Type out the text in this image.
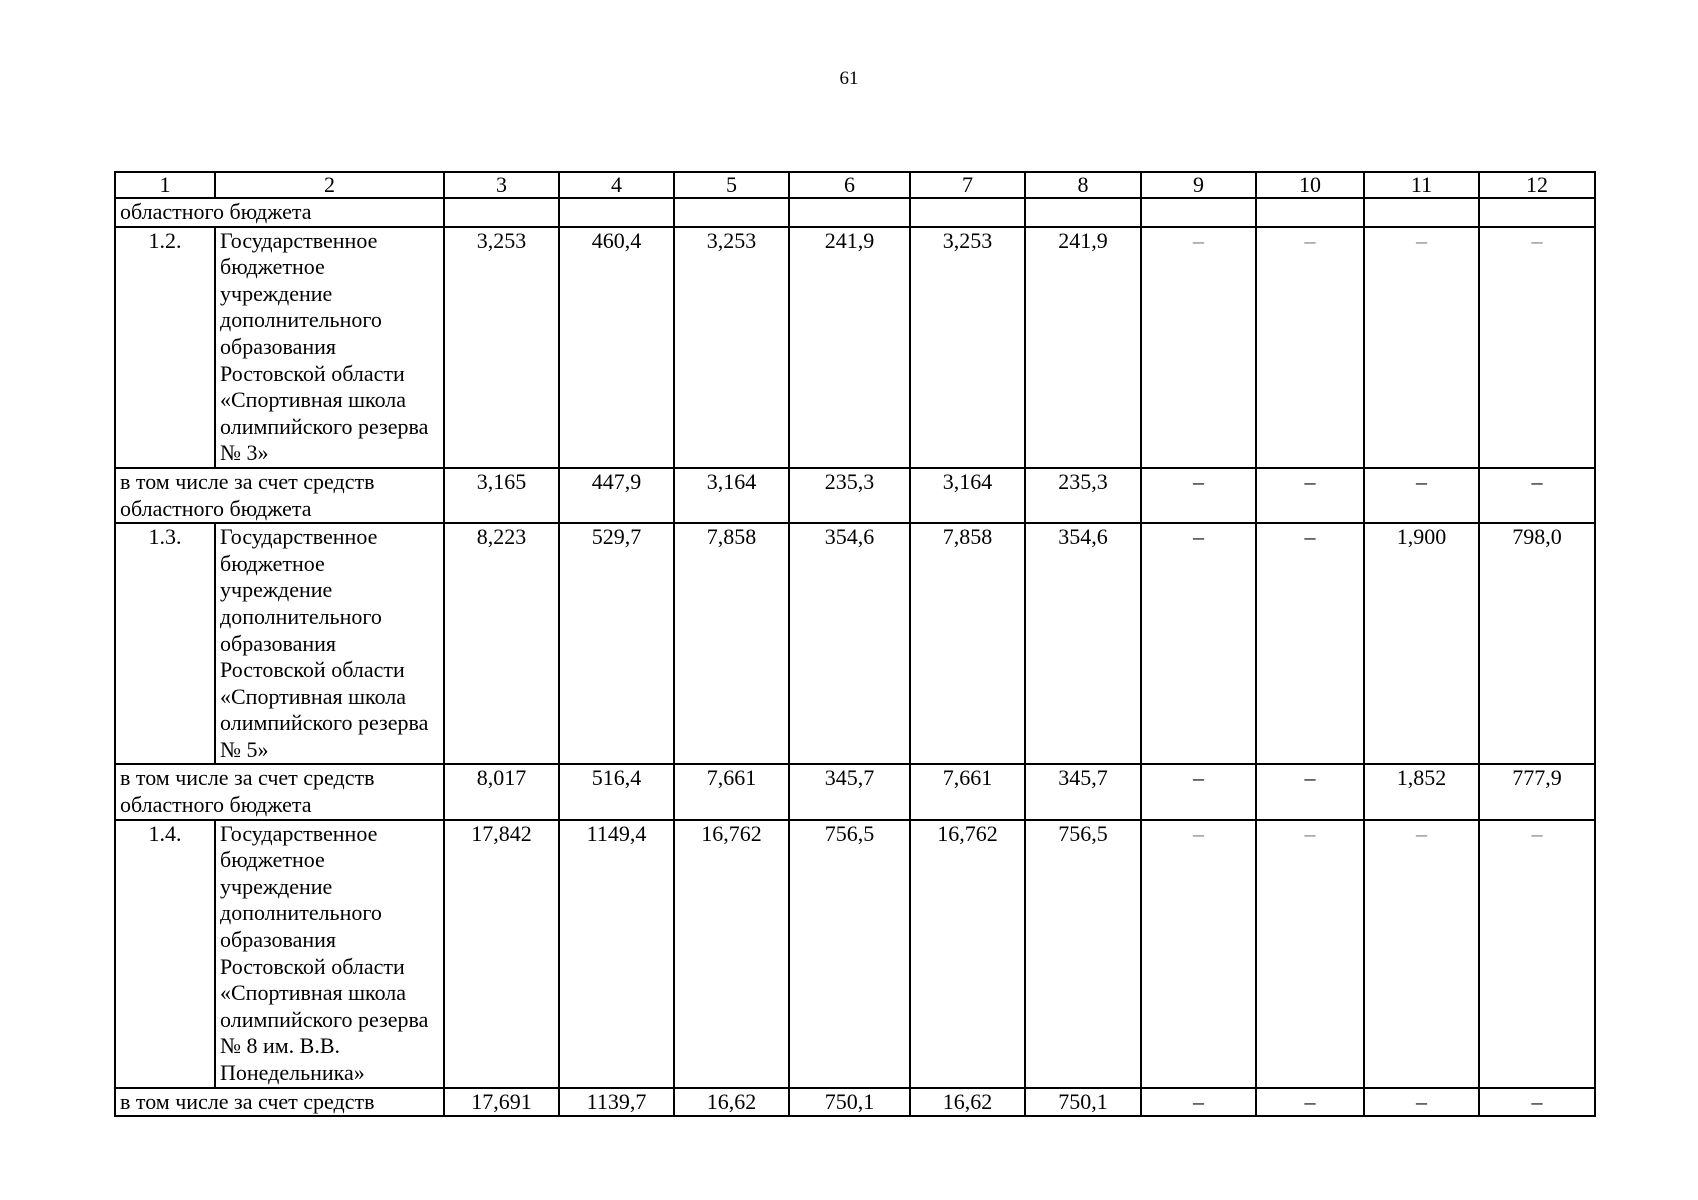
61
1	2	3	4	5	6	7	8	9	10	11	12
областного бюджета											
1.2.	Государственное бюджетное учреждение дополнительного образования Ростовской области «Спортивная школа олимпийского резерва № 3»	3,253	460,4	3,253	241,9	3,253	241,9	–	–	–	–
в том числе за счет средств областного бюджета		3,165	447,9	3,164	235,3	3,164	235,3	–	–	–	–
1.3.	Государственное бюджетное учреждение дополнительного образования Ростовской области «Спортивная школа олимпийского резерва № 5»	8,223	529,7	7,858	354,6	7,858	354,6	–	–	1,900	798,0
в том числе за счет средств областного бюджета		8,017	516,4	7,661	345,7	7,661	345,7	–	–	1,852	777,9
1.4.	Государственное бюджетное учреждение дополнительного образования Ростовской области «Спортивная школа олимпийского резерва № 8 им. В.В. Понедельника»	17,842	1149,4	16,762	756,5	16,762	756,5	–	–	–	–
в том числе за счет средств		17,691	1139,7	16,62	750,1	16,62	750,1	–	–	–	–
